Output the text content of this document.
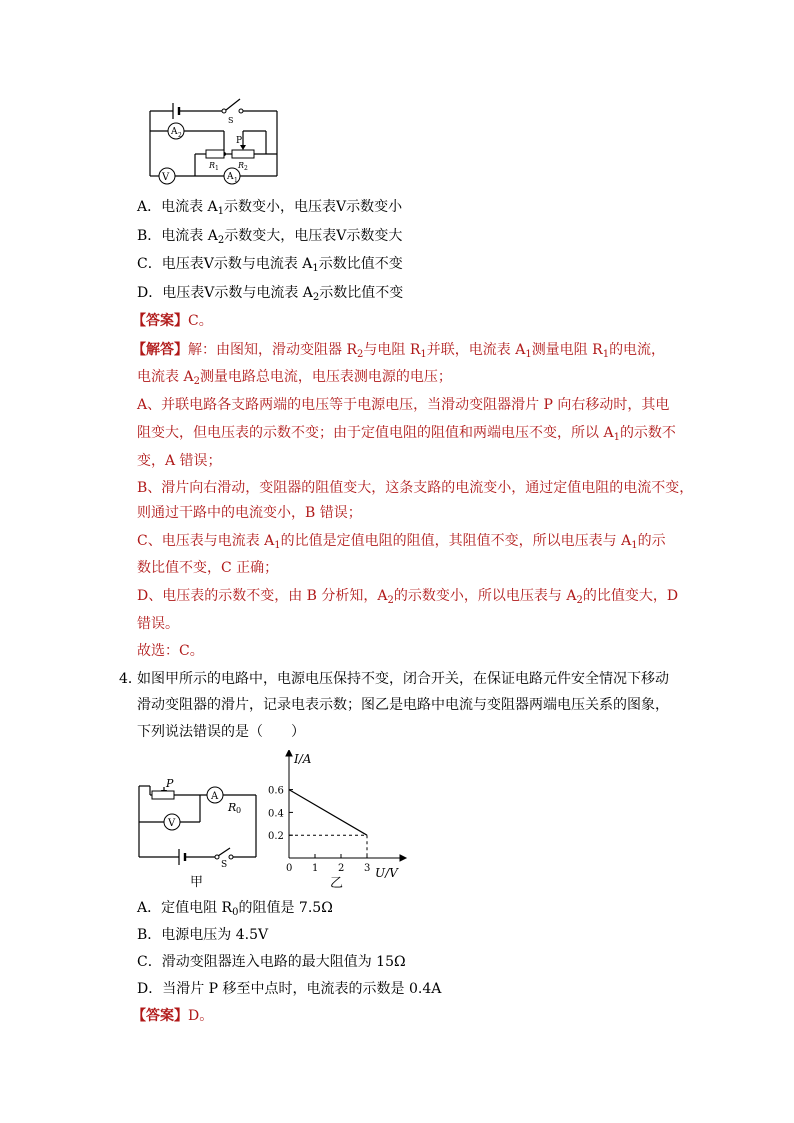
S
P
A 2
A 1
V
R 1 R 2
A．电流表 $A_1$示数变小，电压表Ⅴ示数变小
B．电流表 $A_2$示数变大，电压表Ⅴ示数变大
C．电压表Ⅴ示数与电流表 $A_1$示数比值不变
D．电压表Ⅴ示数与电流表 $A_2$示数比值不变
【答案】C。
【解答】解：由图知，滑动变阻器 $R_2$与电阻 $R_1$并联，电流表 $A_1$测量电阻 $R_1$的电流，
电流表 $A_2$测量电路总电流，电压表测电源的电压；
A、并联电路各支路两端的电压等于电源电压，当滑动变阻器滑片 P 向右移动时，其电
阻变大，但电压表的示数不变；由于定值电阻的阻值和两端电压不变，所以 $A_1$的示数不
变，A 错误；
B、滑片向右滑动，变阻器的阻值变大，这条支路的电流变小，通过定值电阻的电流不变，
则通过干路中的电流变小，B 错误；
C、电压表与电流表 $A_1$的比值是定值电阻的阻值，其阻值不变，所以电压表与 $A_1$的示
数比值不变，C 正确；
D、电压表的示数不变，由 B 分析知，$A_2$的示数变小，所以电压表与 $A_2$的比值变大，D
错误。
故选：C。
4．
如图甲所示的电路中，电源电压保持不变，闭合开关，在保证电路元件安全情况下移动
滑动变阻器的滑片，记录电表示数；图乙是电路中电流与变阻器两端电压关系的图象，
下列说法错误的是（　　）
P
A
V
R 0
S
甲
I/A
U/V
0 1 2 3
0.2
0.4
0.6
乙
A．定值电阻 $R_0$的阻值是 7.5Ω
B．电源电压为 4.5V
C．滑动变阻器连入电路的最大阻值为 15Ω
D．当滑片 P 移至中点时，电流表的示数是 0.4A
【答案】D。
